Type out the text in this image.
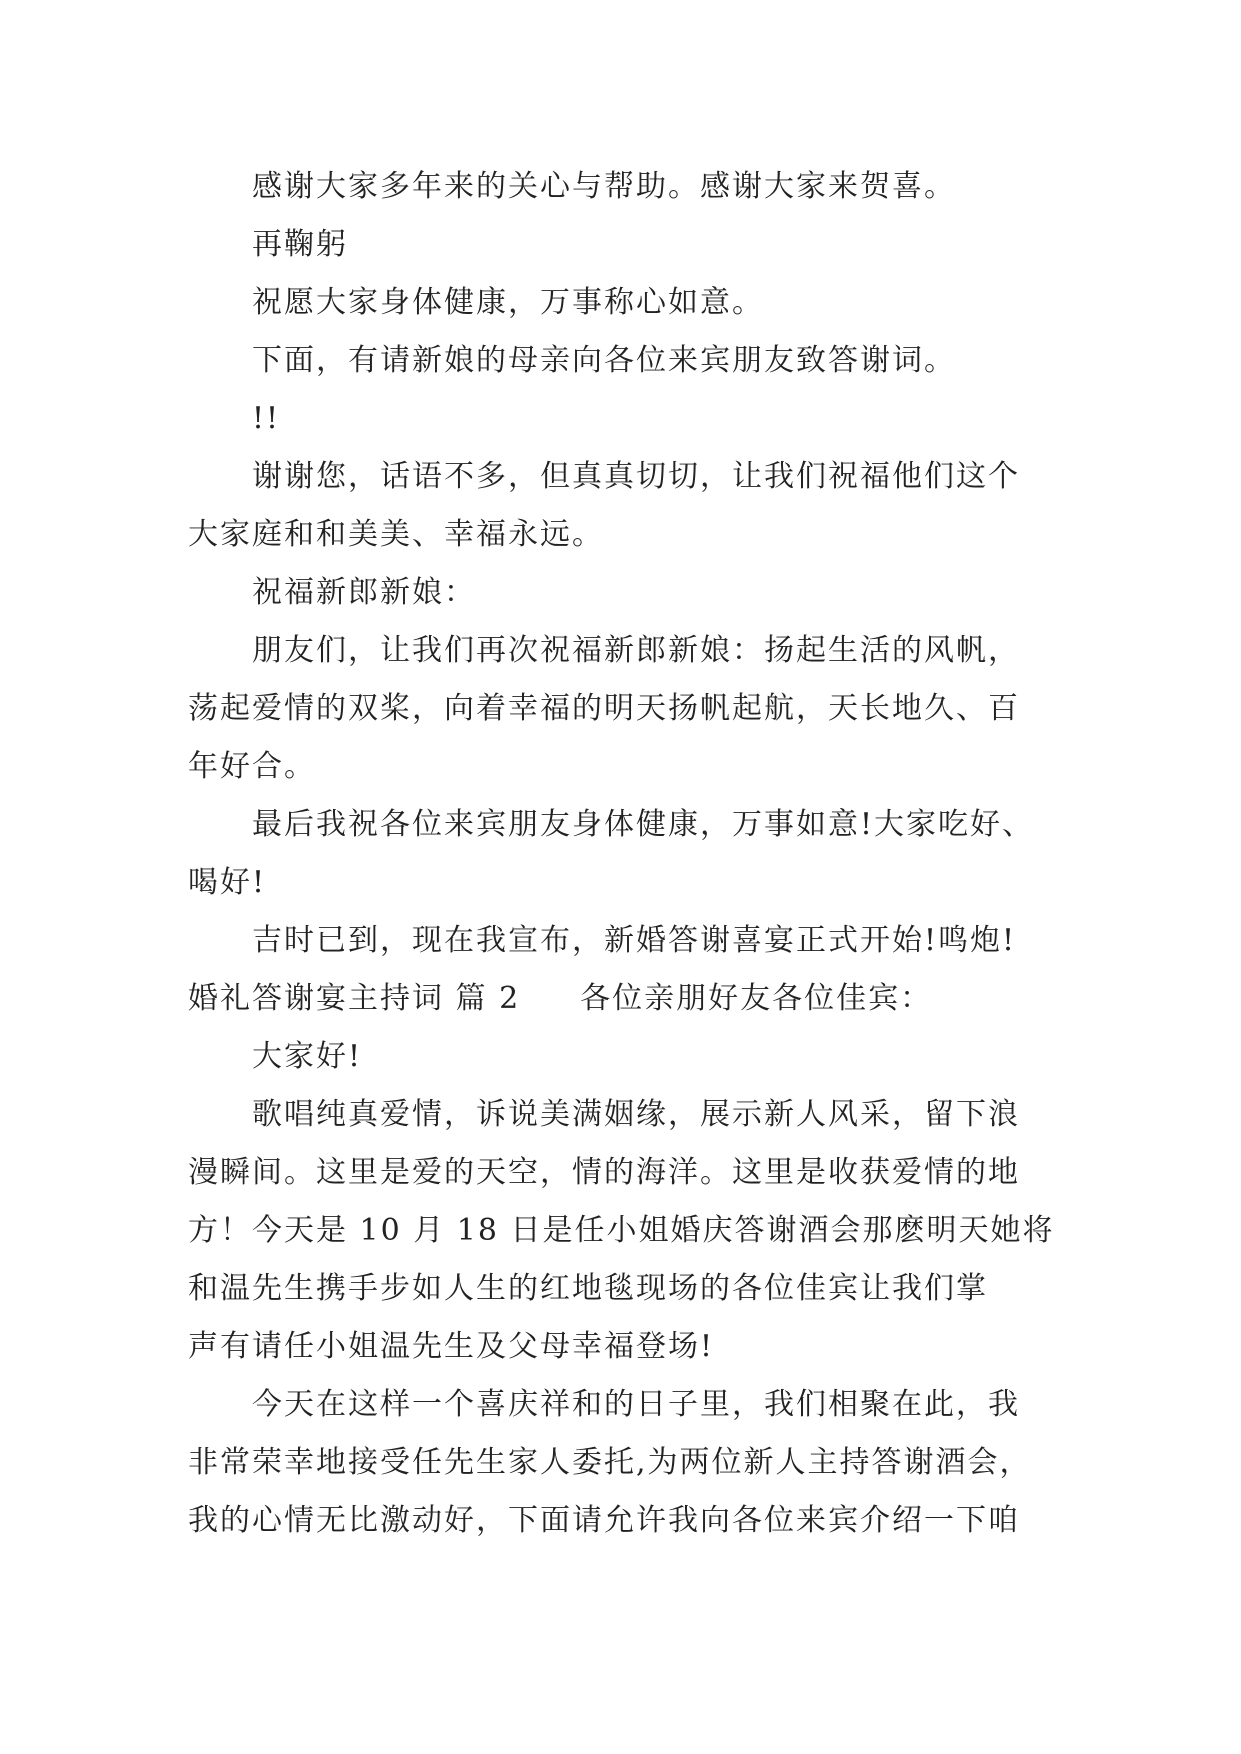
感谢大家多年来的关心与帮助。感谢大家来贺喜。
再鞠躬
祝愿大家身体健康，万事称心如意。
下面，有请新娘的母亲向各位来宾朋友致答谢词。
!!
谢谢您，话语不多，但真真切切，让我们祝福他们这个
大家庭和和美美、幸福永远。
祝福新郎新娘：
朋友们，让我们再次祝福新郎新娘：扬起生活的风帆，
荡起爱情的双桨，向着幸福的明天扬帆起航，天长地久、百
年好合。
最后我祝各位来宾朋友身体健康，万事如意!大家吃好、
喝好!
吉时已到，现在我宣布，新婚答谢喜宴正式开始!鸣炮!
婚礼答谢宴主持词 篇 2 各位亲朋好友各位佳宾：
大家好!
歌唱纯真爱情，诉说美满姻缘，展示新人风采，留下浪
漫瞬间。这里是爱的天空，情的海洋。这里是收获爱情的地
方！今天是 10 月 18 日是任小姐婚庆答谢酒会那麽明天她将
和温先生携手步如人生的红地毯现场的各位佳宾让我们掌
声有请任小姐温先生及父母幸福登场!
今天在这样一个喜庆祥和的日子里，我们相聚在此，我
非常荣幸地接受任先生家人委托,为两位新人主持答谢酒会，
我的心情无比激动好，下面请允许我向各位来宾介绍一下咱
